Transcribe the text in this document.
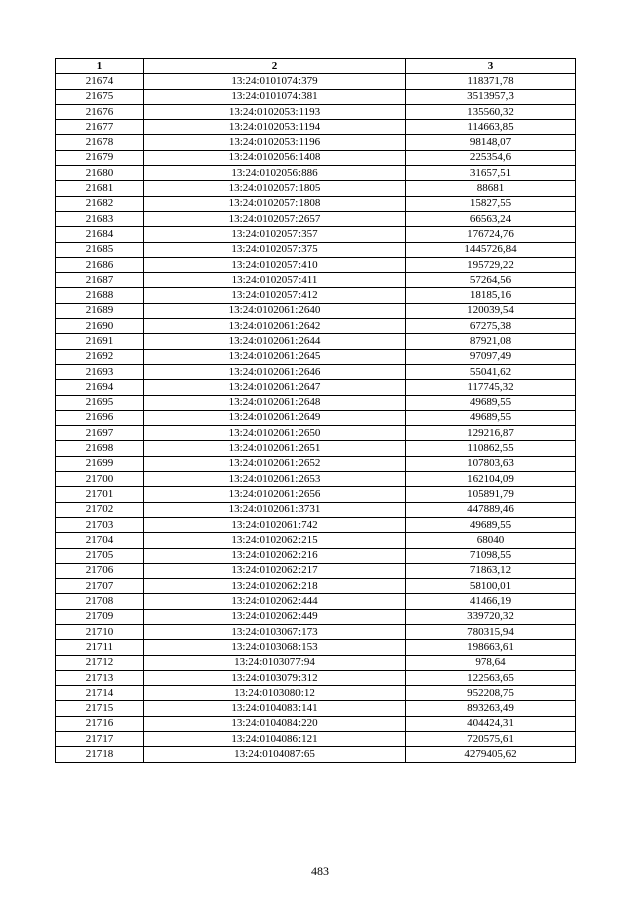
1	2	3
21674	13:24:0101074:379	118371,78
21675	13:24:0101074:381	3513957,3
21676	13:24:0102053:1193	135560,32
21677	13:24:0102053:1194	114663,85
21678	13:24:0102053:1196	98148,07
21679	13:24:0102056:1408	225354,6
21680	13:24:0102056:886	31657,51
21681	13:24:0102057:1805	88681
21682	13:24:0102057:1808	15827,55
21683	13:24:0102057:2657	66563,24
21684	13:24:0102057:357	176724,76
21685	13:24:0102057:375	1445726,84
21686	13:24:0102057:410	195729,22
21687	13:24:0102057:411	57264,56
21688	13:24:0102057:412	18185,16
21689	13:24:0102061:2640	120039,54
21690	13:24:0102061:2642	67275,38
21691	13:24:0102061:2644	87921,08
21692	13:24:0102061:2645	97097,49
21693	13:24:0102061:2646	55041,62
21694	13:24:0102061:2647	117745,32
21695	13:24:0102061:2648	49689,55
21696	13:24:0102061:2649	49689,55
21697	13:24:0102061:2650	129216,87
21698	13:24:0102061:2651	110862,55
21699	13:24:0102061:2652	107803,63
21700	13:24:0102061:2653	162104,09
21701	13:24:0102061:2656	105891,79
21702	13:24:0102061:3731	447889,46
21703	13:24:0102061:742	49689,55
21704	13:24:0102062:215	68040
21705	13:24:0102062:216	71098,55
21706	13:24:0102062:217	71863,12
21707	13:24:0102062:218	58100,01
21708	13:24:0102062:444	41466,19
21709	13:24:0102062:449	339720,32
21710	13:24:0103067:173	780315,94
21711	13:24:0103068:153	198663,61
21712	13:24:0103077:94	978,64
21713	13:24:0103079:312	122563,65
21714	13:24:0103080:12	952208,75
21715	13:24:0104083:141	893263,49
21716	13:24:0104084:220	404424,31
21717	13:24:0104086:121	720575,61
21718	13:24:0104087:65	4279405,62
483
